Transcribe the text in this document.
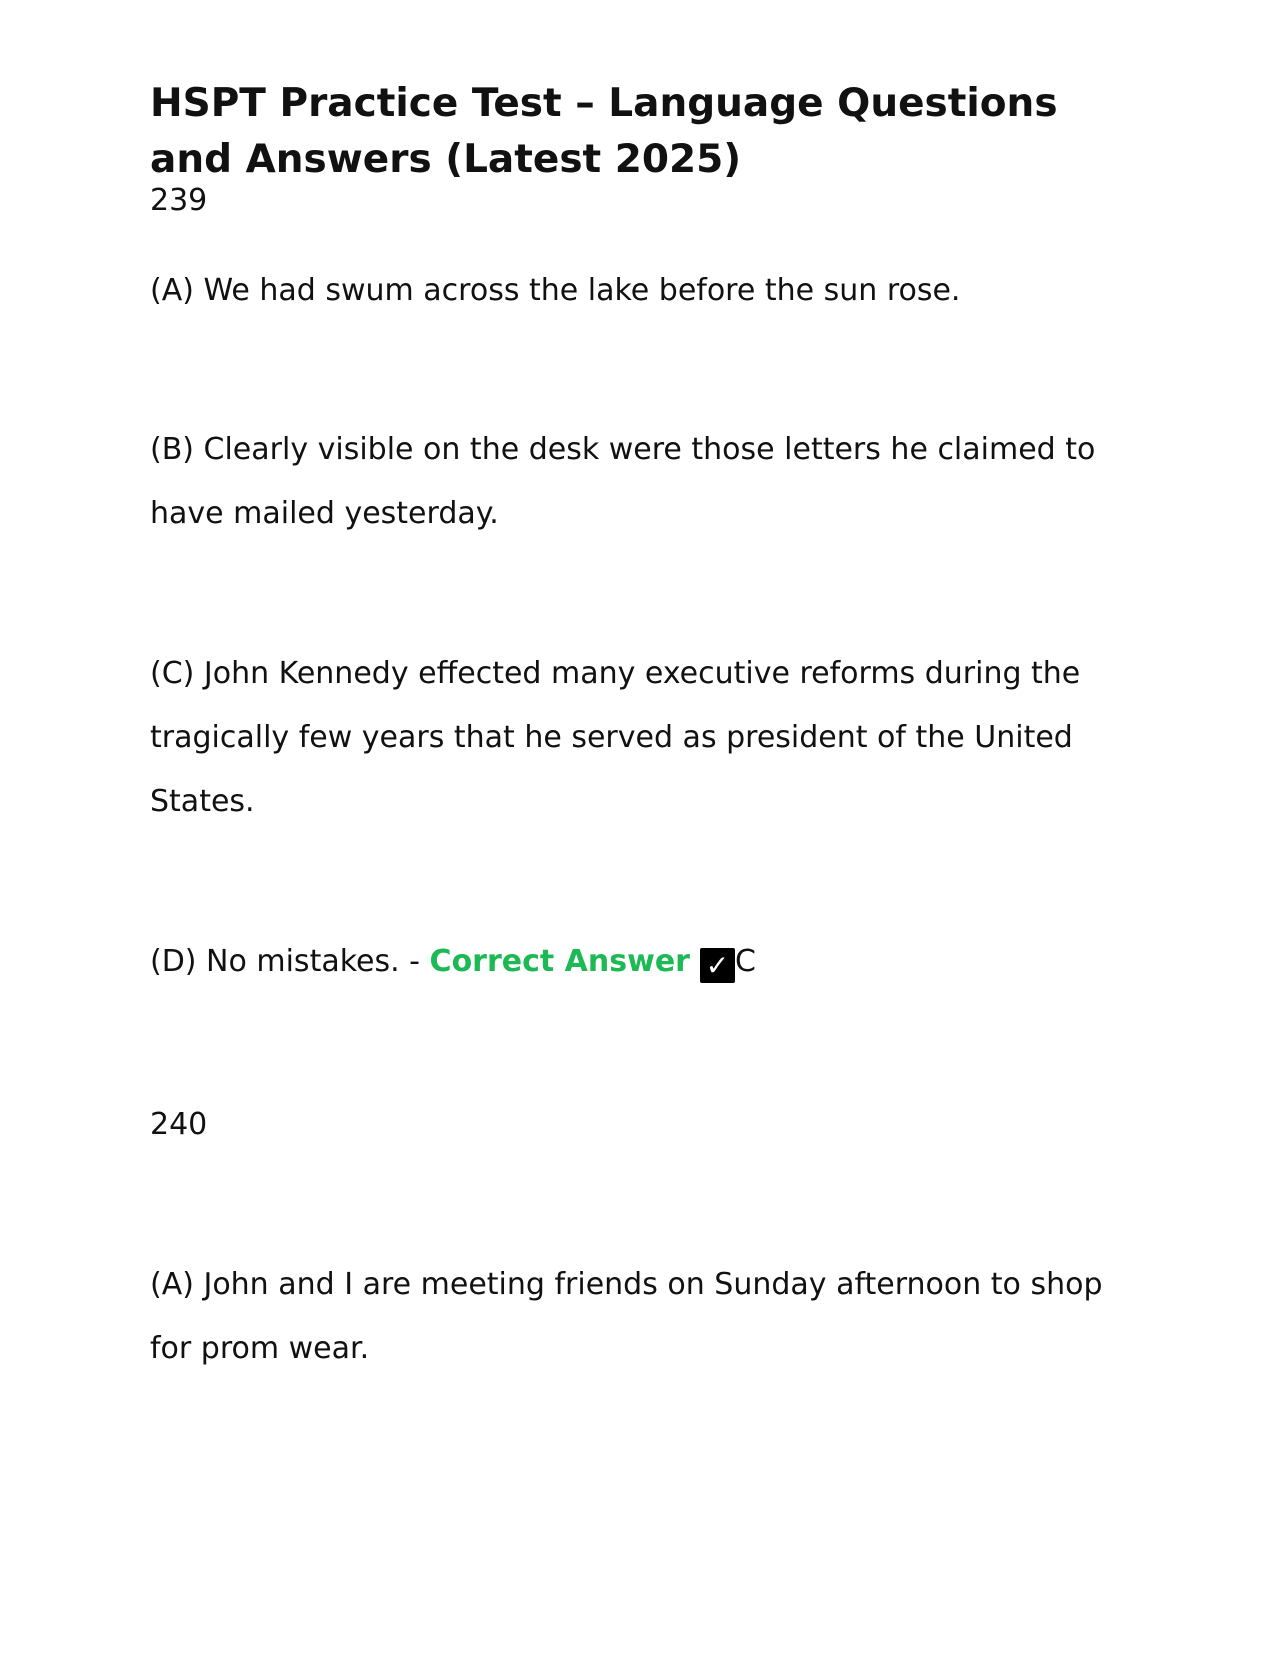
HSPT Practice Test – Language Questions and Answers (Latest 2025)

239

(A) We had swum across the lake before the sun rose.

(B) Clearly visible on the desk were those letters he claimed to have mailed yesterday.

(C) John Kennedy effected many executive reforms during the tragically few years that he served as president of the United States.

(D) No mistakes. - Correct Answer ✓ C

240

(A) John and I are meeting friends on Sunday afternoon to shop for prom wear.
